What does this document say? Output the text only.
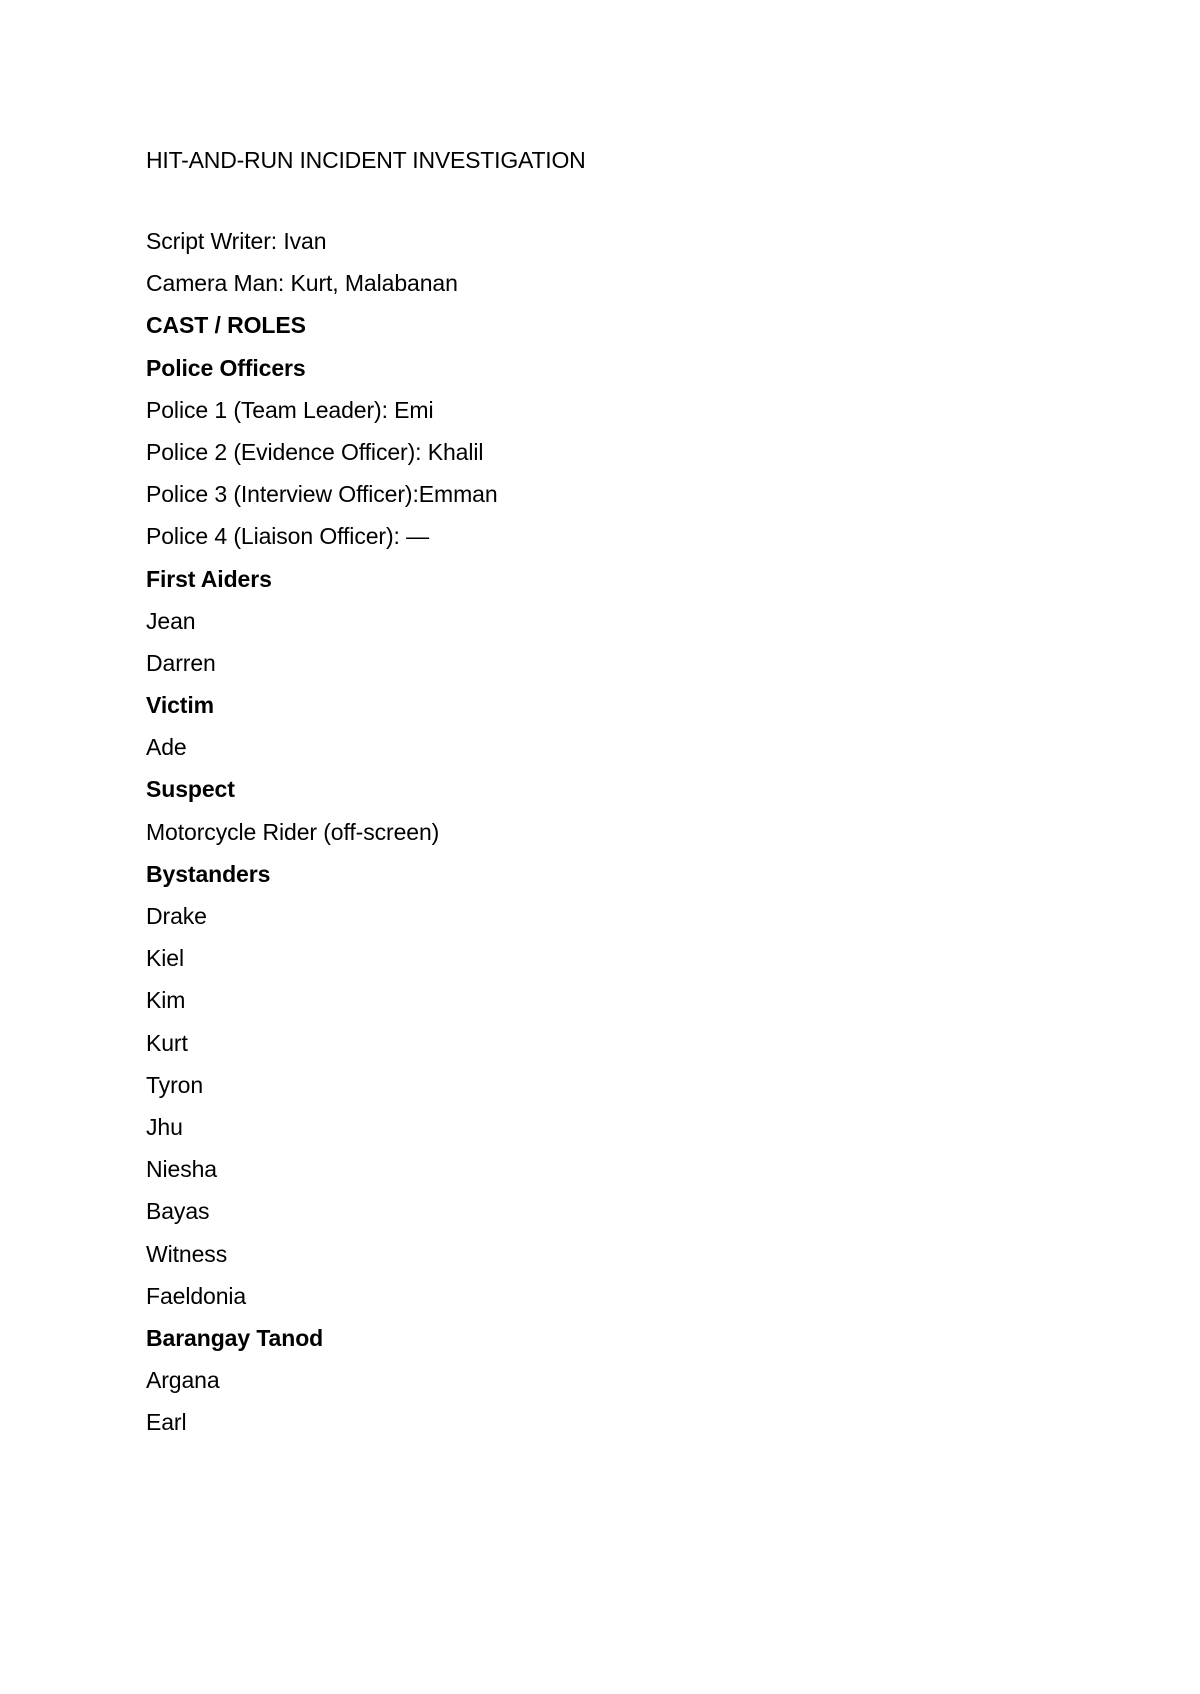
HIT-AND-RUN INCIDENT INVESTIGATION
Script Writer: Ivan
Camera Man: Kurt, Malabanan
CAST / ROLES
Police Officers
Police 1 (Team Leader): Emi
Police 2 (Evidence Officer): Khalil
Police 3 (Interview Officer):Emman
Police 4 (Liaison Officer): —
First Aiders
Jean
Darren
Victim
Ade
Suspect
Motorcycle Rider (off-screen)
Bystanders
Drake
Kiel
Kim
Kurt
Tyron
Jhu
Niesha
Bayas
Witness
Faeldonia
Barangay Tanod
Argana
Earl
